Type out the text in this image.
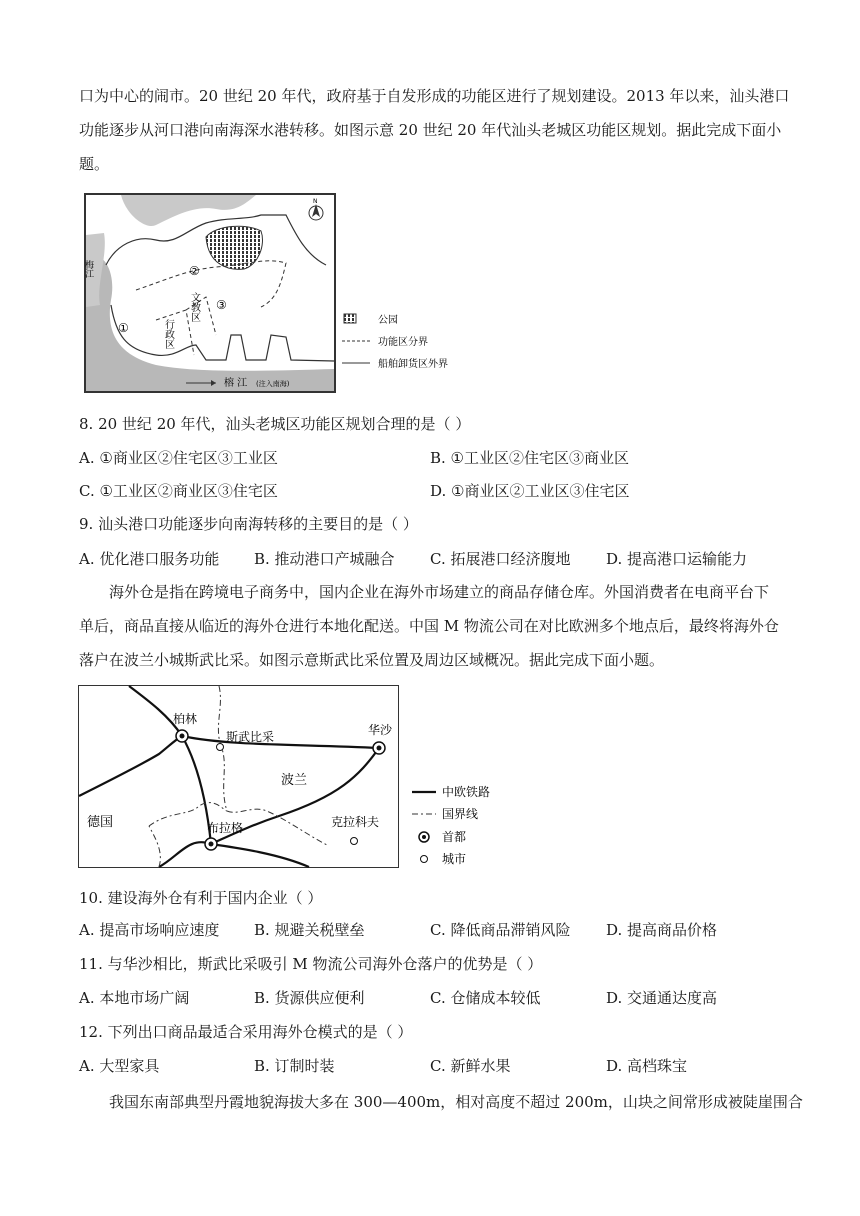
口为中心的闹市。20 世纪 20 年代，政府基于自发形成的功能区进行了规划建设。2013 年以来，汕头港口
功能逐步从河口港向南海深水港转移。如图示意 20 世纪 20 年代汕头老城区功能区规划。据此完成下面小
题。
N
梅江
①
②
③
行政区
文教区
榕 江 (注入南海)
公园
功能区分界
船舶卸货区外界
8. 20 世纪 20 年代，汕头老城区功能区规划合理的是（ ）
A. ①商业区②住宅区③工业区	B. ①工业区②住宅区③商业区
C. ①工业区②商业区③住宅区	D. ①商业区②工业区③住宅区
9. 汕头港口功能逐步向南海转移的主要目的是（ ）
A. 优化港口服务功能 B. 推动港口产城融合 C. 拓展港口经济腹地 D. 提高港口运输能力
海外仓是指在跨境电子商务中，国内企业在海外市场建立的商品存储仓库。外国消费者在电商平台下
单后，商品直接从临近的海外仓进行本地化配送。中国 M 物流公司在对比欧洲多个地点后，最终将海外仓
落户在波兰小城斯武比采。如图示意斯武比采位置及周边区域概况。据此完成下面小题。
柏林
斯武比采	华沙
波兰
德国	布拉格	克拉科夫
中欧铁路
国界线
首都
城市
10. 建设海外仓有利于国内企业（ ）
A. 提高市场响应速度 B. 规避关税壁垒	C. 降低商品滞销风险 D. 提高商品价格
11. 与华沙相比，斯武比采吸引 M 物流公司海外仓落户的优势是（ ）
A. 本地市场广阔	B. 货源供应便利	C. 仓储成本较低	D. 交通通达度高
12. 下列出口商品最适合采用海外仓模式的是（ ）
A. 大型家具	B. 订制时装	C. 新鲜水果	D. 高档珠宝
我国东南部典型丹霞地貌海拔大多在 300—400m，相对高度不超过 200m，山块之间常形成被陡崖围合
